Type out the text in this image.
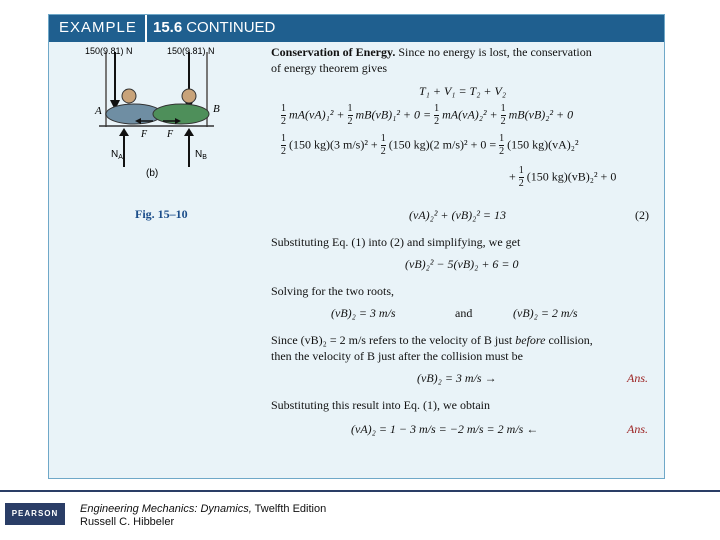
EXAMPLE 15.6 CONTINUED
150(9.81) N	150(9.81) N
A	B
F F
$N_A$	$N_B$
(b)
Fig. 15–10
Conservation of Energy. Since no energy is lost, the conservation
of energy theorem gives
T₁ + V₁ = T₂ + V₂
$\frac{1}{2} mA(vA)_1^2 + \frac{1}{2} mB(vB)_1^2 + 0 = \frac{1}{2} mA(vA)_2^2 + \frac{1}{2} mB(vB)_2^2 + 0$
$\frac{1}{2} (150$ kg)(3 $m/s)^2 + \frac{1}{2} (150$ kg)(2 $m/s)^2 + 0 = \frac{1}{2} (150$ kg)(vA)₂²
+ $\frac{1}{2} (150$ kg)(vB)₂² + 0
(vA)₂² + (vB)₂² = 13	(2)
Substituting Eq. (1) into (2) and simplifying, we get
(vB)₂² − 5(vB)₂ + 6 = 0
Solving for the two roots,
(vB)₂ = 3 m/s	and	(vB)₂ = 2 m/s
Since (vB)₂ = 2 m/s refers to the velocity of B just before collision,
then the velocity of B just after the collision must be
(vB)₂ = 3 m/s →	Ans.
Substituting this result into Eq. (1), we obtain
(vA)₂ = 1 − 3 m/s = −2 m/s = 2 m/s ←	Ans.
PEARSON	Engineering Mechanics: Dynamics, Twelfth Edition
Russell C. Hibbeler
